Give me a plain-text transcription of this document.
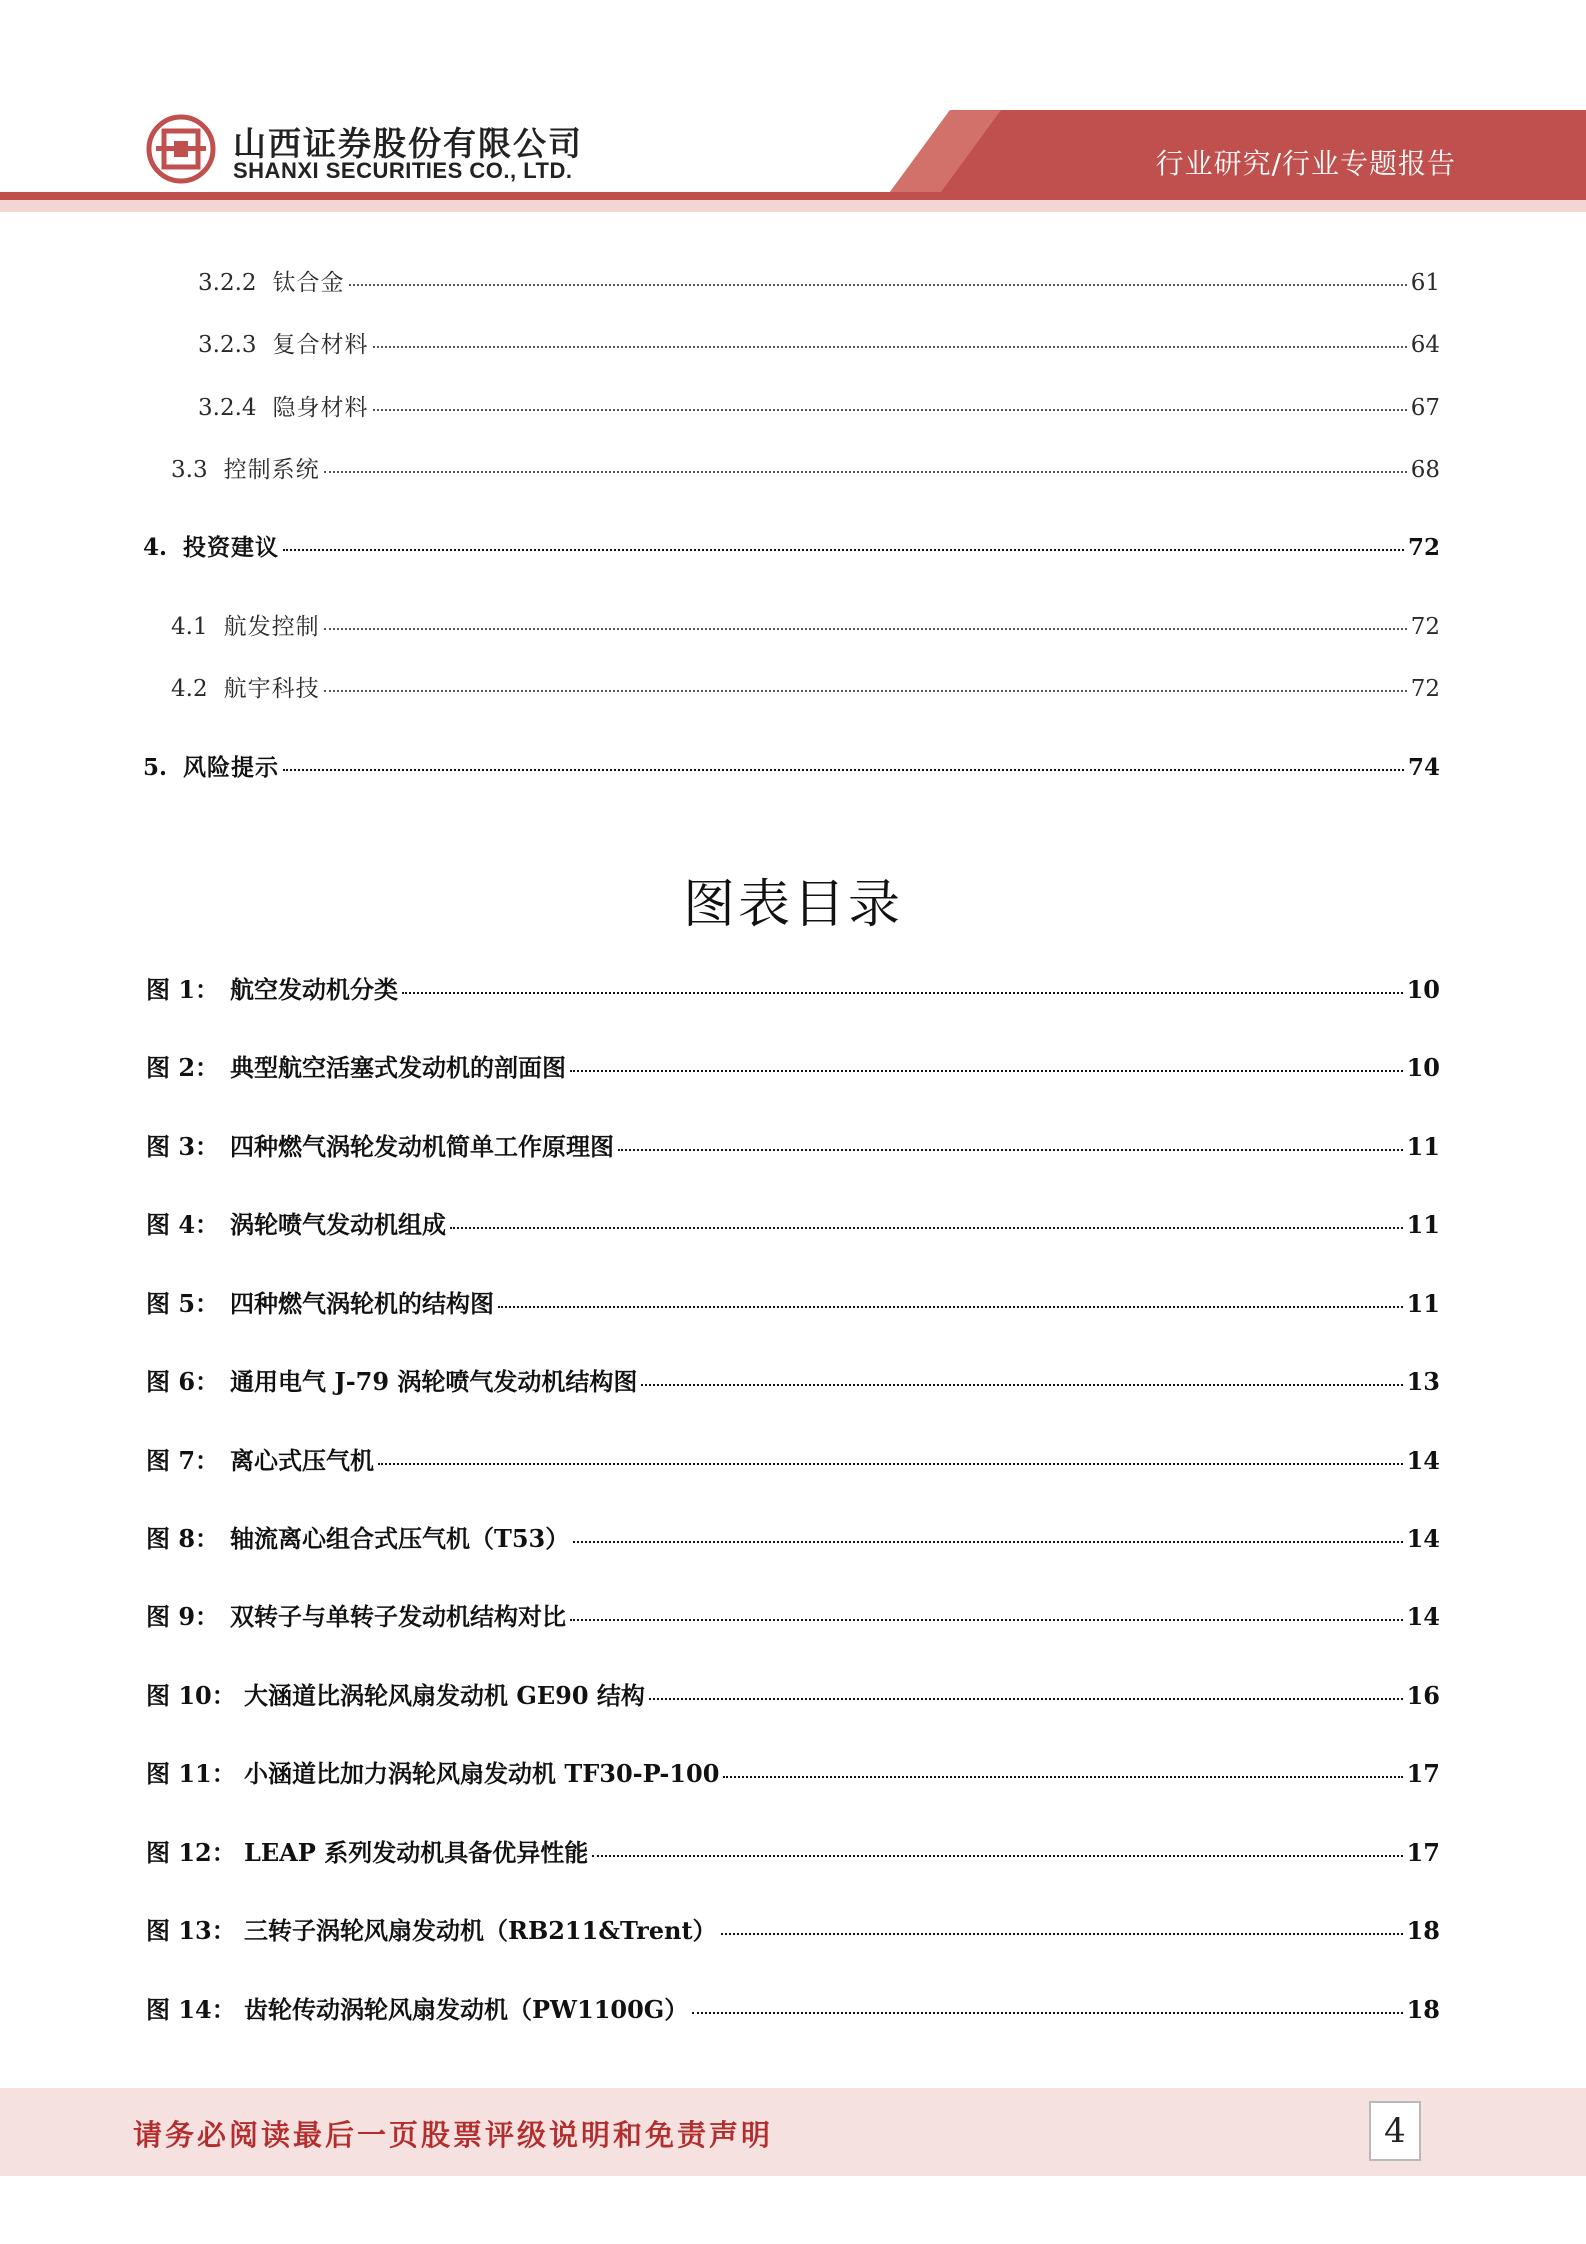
山西证券股份有限公司
SHANXI SECURITIES CO., LTD.	行业研究/行业专题报告
3.2.2 钛合金	61
3.2.3 复合材料	64
3.2.4 隐身材料	67
3.3 控制系统	68
4. 投资建议	72
4.1 航发控制	72
4.2 航宇科技	72
5. 风险提示	74
图表目录
图 1： 航空发动机分类	10
图 2： 典型航空活塞式发动机的剖面图	10
图 3： 四种燃气涡轮发动机简单工作原理图	11
图 4： 涡轮喷气发动机组成	11
图 5： 四种燃气涡轮机的结构图	11
图 6： 通用电气 J-79 涡轮喷气发动机结构图	13
图 7： 离心式压气机	14
图 8： 轴流离心组合式压气机（T53）	14
图 9： 双转子与单转子发动机结构对比	14
图 10： 大涵道比涡轮风扇发动机 GE90 结构	16
图 11： 小涵道比加力涡轮风扇发动机 TF30-P-100	17
图 12： LEAP 系列发动机具备优异性能	17
图 13： 三转子涡轮风扇发动机（RB211&Trent）	18
图 14： 齿轮传动涡轮风扇发动机（PW1100G）	18
请务必阅读最后一页股票评级说明和免责声明	4
